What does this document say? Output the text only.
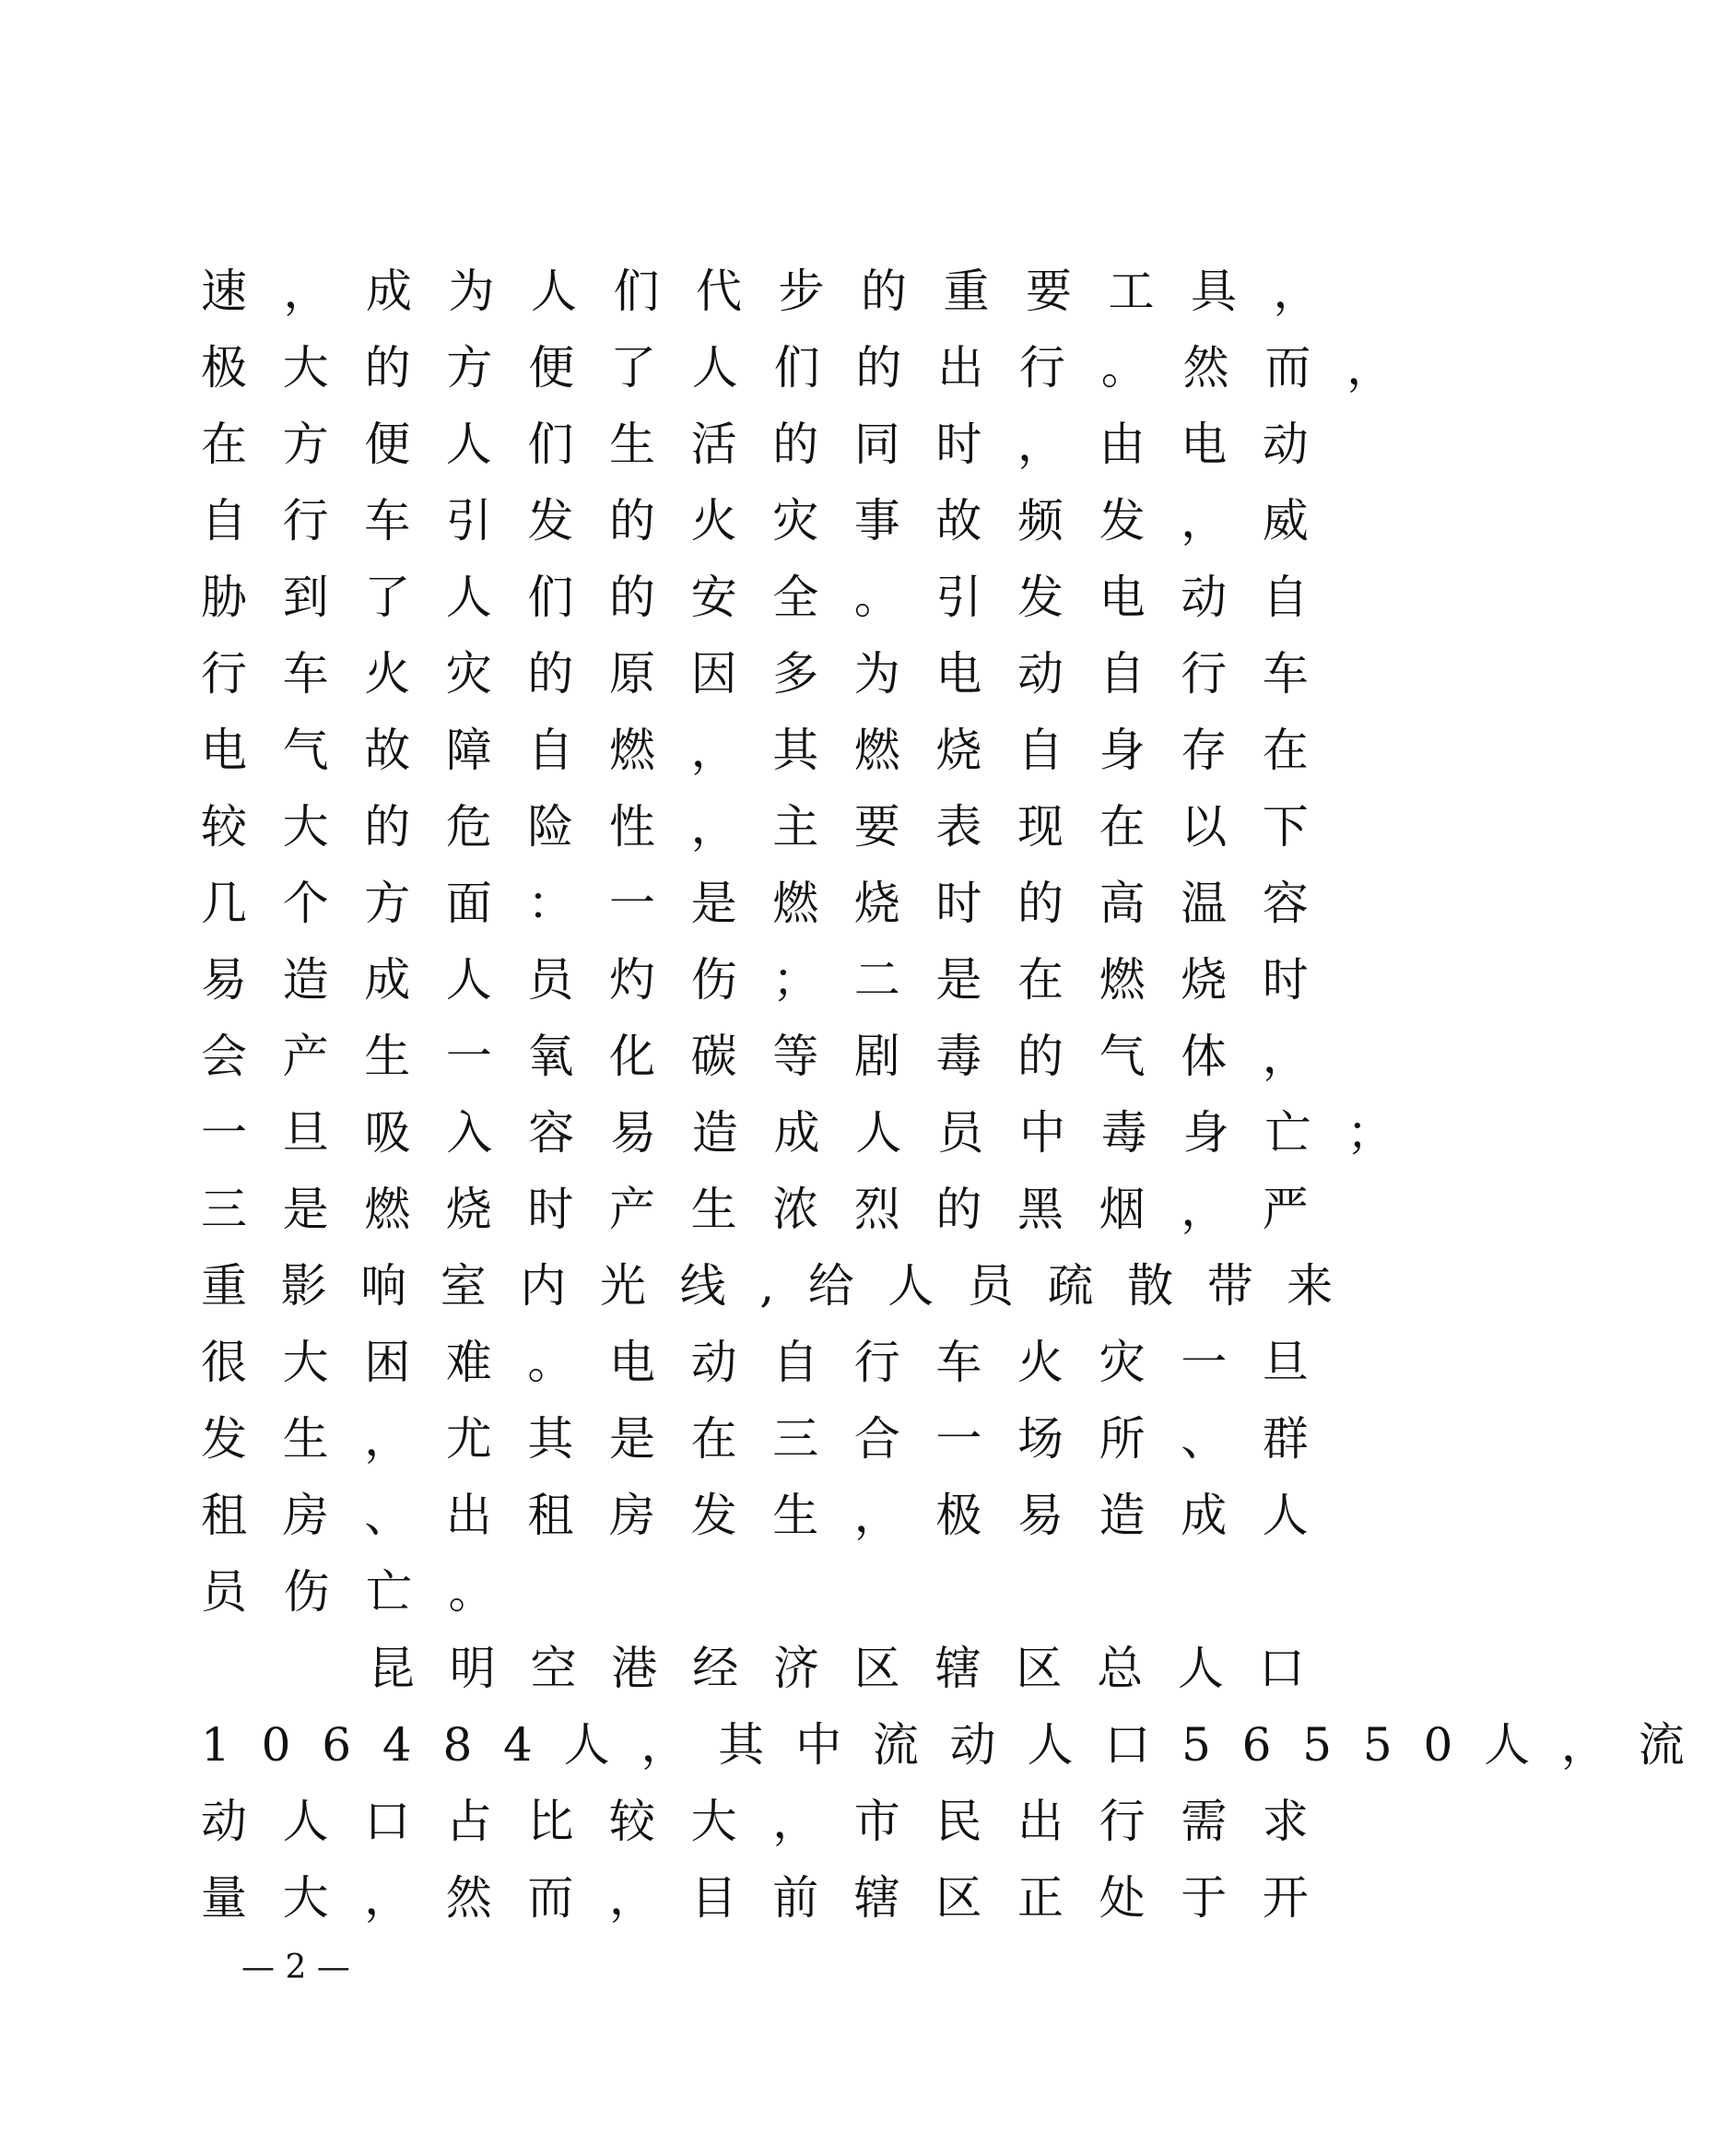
速，成为人们代步的重要工具，
极大的方便了人们的出行。然而，
在方便人们生活的同时，由电动
自行车引发的火灾事故频发，威
胁到了人们的安全。引发电动自
行车火灾的原因多为电动自行车
电气故障自燃，其燃烧自身存在
较大的危险性，主要表现在以下
几个方面：一是燃烧时的高温容
易造成人员灼伤；二是在燃烧时
会产生一氧化碳等剧毒的气体，
一旦吸入容易造成人员中毒身亡；
三是燃烧时产生浓烈的黑烟，严
重影响室内光线,给人员疏散带来
很大困难。电动自行车火灾一旦
发生，尤其是在三合一场所、群
租房、出租房发生，极易造成人
员伤亡。
昆明空港经济区辖区总人口
106484人，其中流动人口56550人，流
动人口占比较大，市民出行需求
量大，然而，目前辖区正处于开
— 2 —
